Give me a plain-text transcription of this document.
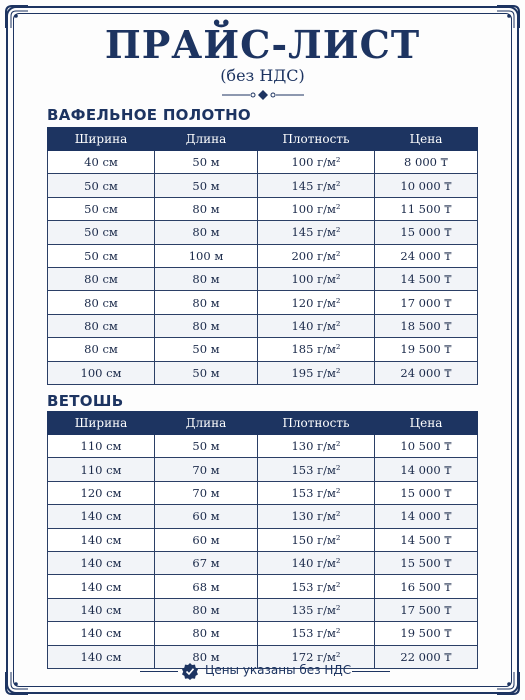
ПРАЙС-ЛИСТ
(без НДС)
ВАФЕЛЬНОЕ ПОЛОТНО
Ширина	Длина	Плотность	Цена
40 см	50 м	100 г/м²	8 000 ₸
50 см	50 м	145 г/м²	10 000 ₸
50 см	80 м	100 г/м²	11 500 ₸
50 см	80 м	145 г/м²	15 000 ₸
50 см	100 м	200 г/м²	24 000 ₸
80 см	80 м	100 г/м²	14 500 ₸
80 см	80 м	120 г/м²	17 000 ₸
80 см	80 м	140 г/м²	18 500 ₸
80 см	50 м	185 г/м²	19 500 ₸
100 см	50 м	195 г/м²	24 000 ₸
ВЕТОШЬ
Ширина	Длина	Плотность	Цена
110 см	50 м	130 г/м²	10 500 ₸
110 см	70 м	153 г/м²	14 000 ₸
120 см	70 м	153 г/м²	15 000 ₸
140 см	60 м	130 г/м²	14 000 ₸
140 см	60 м	150 г/м²	14 500 ₸
140 см	67 м	140 г/м²	15 500 ₸
140 см	68 м	153 г/м²	16 500 ₸
140 см	80 м	135 г/м²	17 500 ₸
140 см	80 м	153 г/м²	19 500 ₸
140 см	80 м	172 г/м²	22 000 ₸
Цены указаны без НДС
